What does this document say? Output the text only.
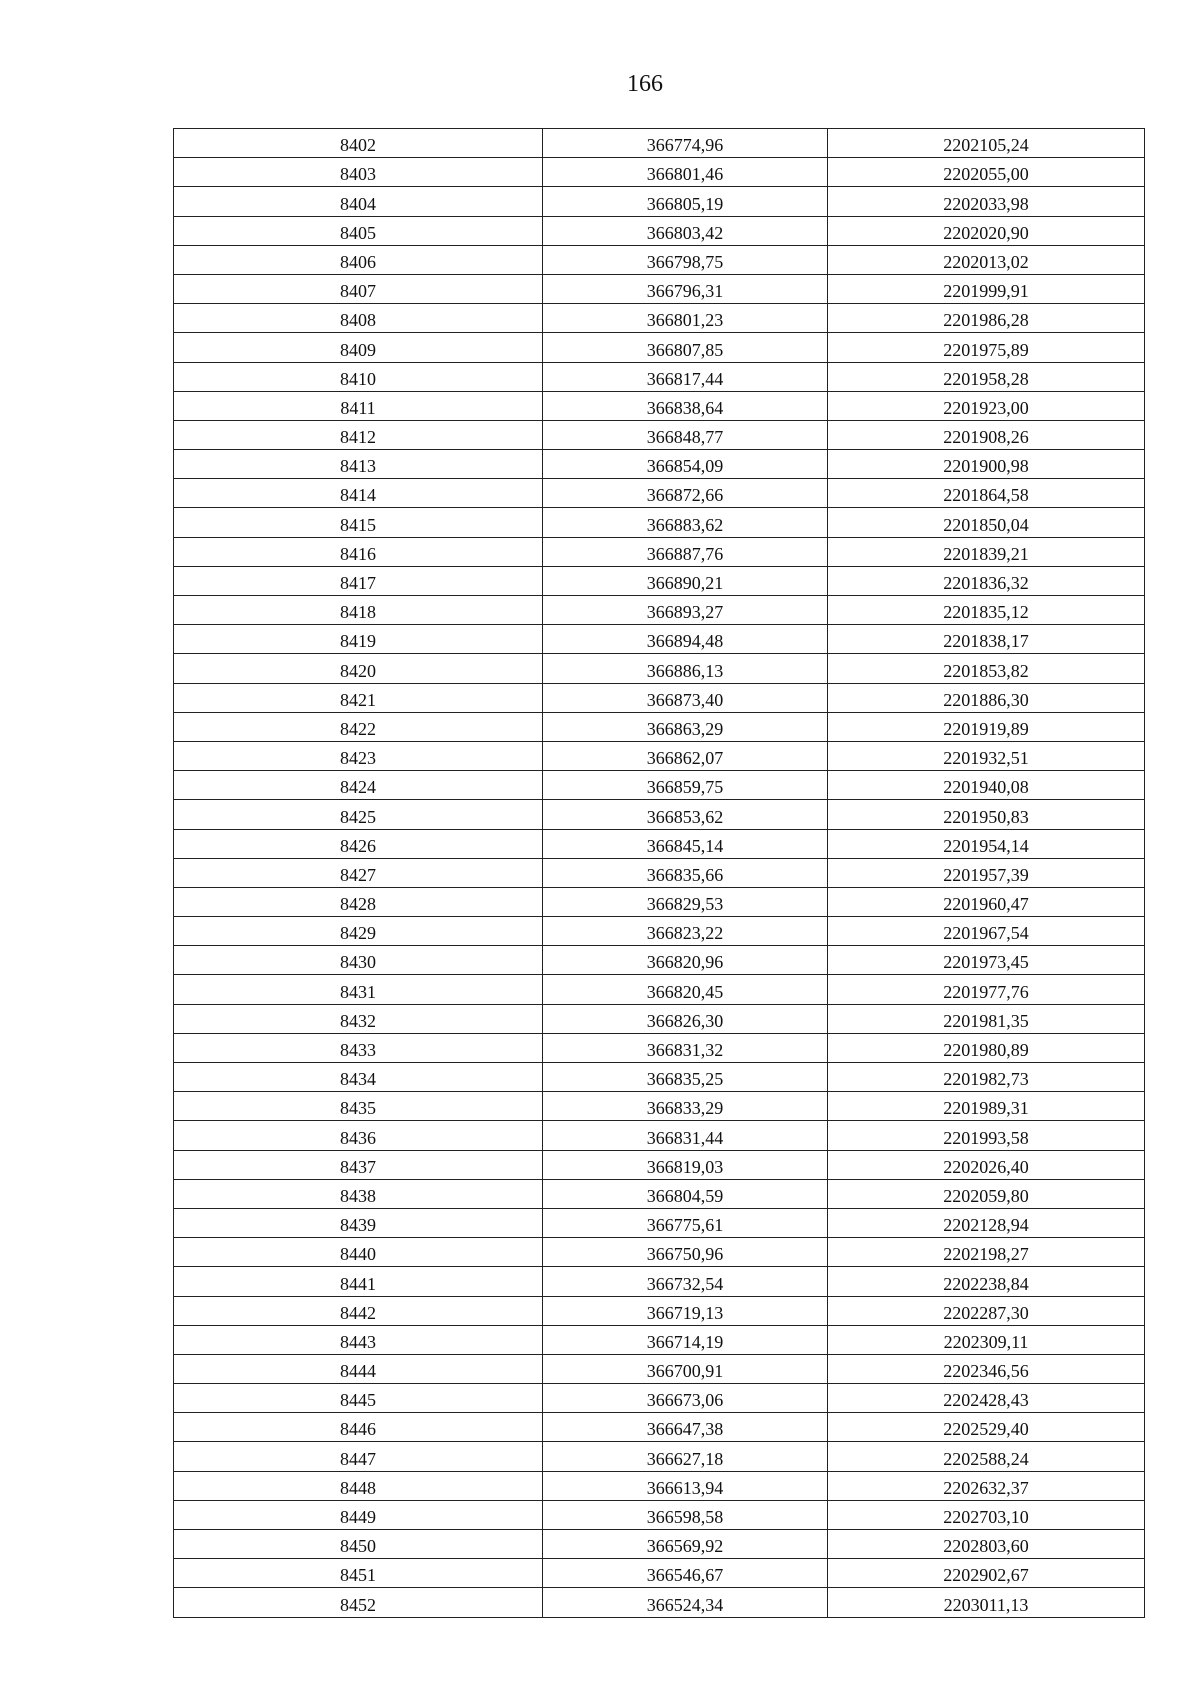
166
8402	366774,96	2202105,24
8403	366801,46	2202055,00
8404	366805,19	2202033,98
8405	366803,42	2202020,90
8406	366798,75	2202013,02
8407	366796,31	2201999,91
8408	366801,23	2201986,28
8409	366807,85	2201975,89
8410	366817,44	2201958,28
8411	366838,64	2201923,00
8412	366848,77	2201908,26
8413	366854,09	2201900,98
8414	366872,66	2201864,58
8415	366883,62	2201850,04
8416	366887,76	2201839,21
8417	366890,21	2201836,32
8418	366893,27	2201835,12
8419	366894,48	2201838,17
8420	366886,13	2201853,82
8421	366873,40	2201886,30
8422	366863,29	2201919,89
8423	366862,07	2201932,51
8424	366859,75	2201940,08
8425	366853,62	2201950,83
8426	366845,14	2201954,14
8427	366835,66	2201957,39
8428	366829,53	2201960,47
8429	366823,22	2201967,54
8430	366820,96	2201973,45
8431	366820,45	2201977,76
8432	366826,30	2201981,35
8433	366831,32	2201980,89
8434	366835,25	2201982,73
8435	366833,29	2201989,31
8436	366831,44	2201993,58
8437	366819,03	2202026,40
8438	366804,59	2202059,80
8439	366775,61	2202128,94
8440	366750,96	2202198,27
8441	366732,54	2202238,84
8442	366719,13	2202287,30
8443	366714,19	2202309,11
8444	366700,91	2202346,56
8445	366673,06	2202428,43
8446	366647,38	2202529,40
8447	366627,18	2202588,24
8448	366613,94	2202632,37
8449	366598,58	2202703,10
8450	366569,92	2202803,60
8451	366546,67	2202902,67
8452	366524,34	2203011,13
